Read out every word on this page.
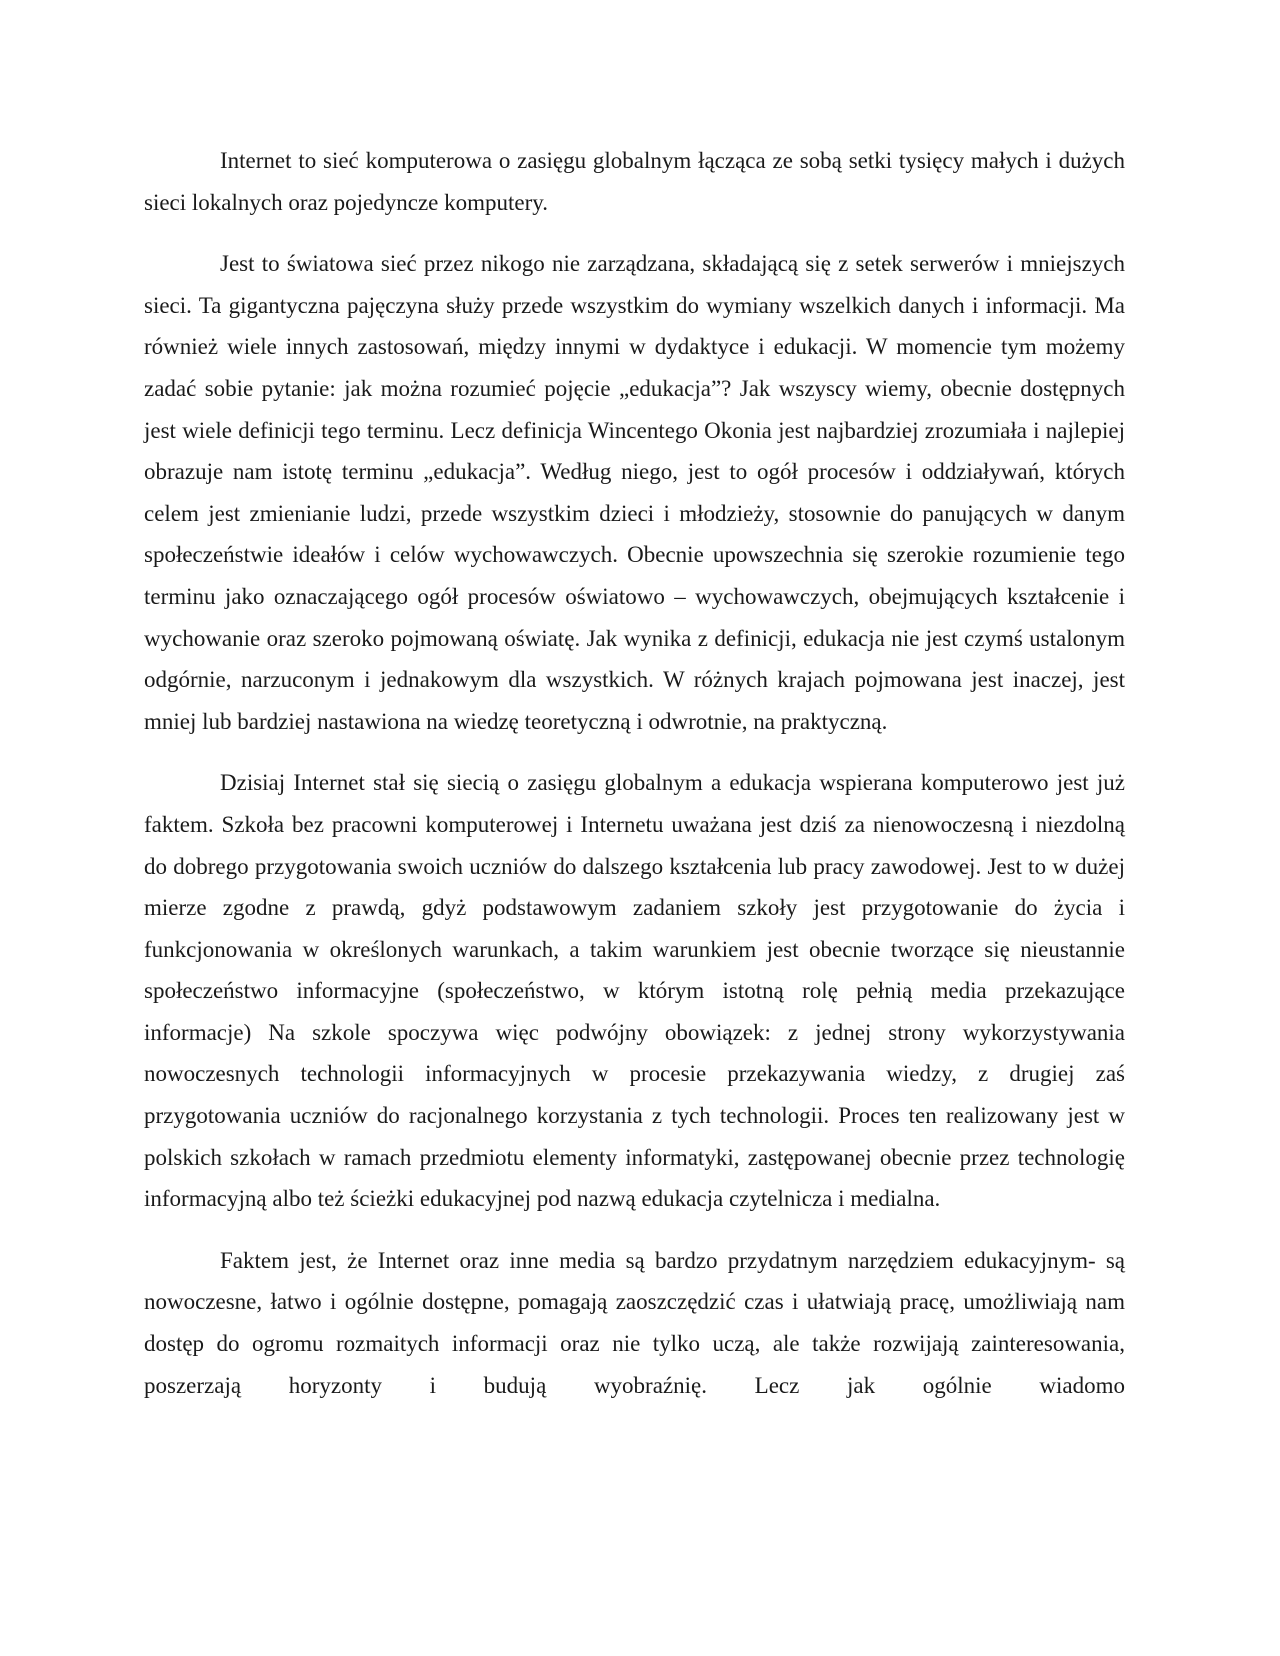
Internet to sieć komputerowa o zasięgu globalnym łącząca ze sobą setki tysięcy małych i dużych sieci lokalnych oraz pojedyncze komputery.

Jest to światowa sieć przez nikogo nie zarządzana, składającą się z setek serwerów i mniejszych sieci. Ta gigantyczna pajęczyna służy przede wszystkim do wymiany wszelkich danych i informacji. Ma również wiele innych zastosowań, między innymi w dydaktyce i edukacji. W momencie tym możemy zadać sobie pytanie: jak można rozumieć pojęcie „edukacja”? Jak wszyscy wiemy, obecnie dostępnych jest wiele definicji tego terminu. Lecz definicja Wincentego Okonia jest najbardziej zrozumiała i najlepiej obrazuje nam istotę terminu „edukacja”. Według niego, jest to ogół procesów i oddziaływań, których celem jest zmienianie ludzi, przede wszystkim dzieci i młodzieży, stosownie do panujących w danym społeczeństwie ideałów i celów wychowawczych. Obecnie upowszechnia się szerokie rozumienie tego terminu jako oznaczającego ogół procesów oświatowo – wychowawczych, obejmujących kształcenie i wychowanie oraz szeroko pojmowaną oświatę. Jak wynika z definicji, edukacja nie jest czymś ustalonym odgórnie, narzuconym i jednakowym dla wszystkich. W różnych krajach pojmowana jest inaczej, jest mniej lub bardziej nastawiona na wiedzę teoretyczną i odwrotnie, na praktyczną.

Dzisiaj Internet stał się siecią o zasięgu globalnym a edukacja wspierana komputerowo jest już faktem. Szkoła bez pracowni komputerowej i Internetu uważana jest dziś za nienowoczesną i niezdolną do dobrego przygotowania swoich uczniów do dalszego kształcenia lub pracy zawodowej. Jest to w dużej mierze zgodne z prawdą, gdyż podstawowym zadaniem szkoły jest przygotowanie do życia i funkcjonowania w określonych warunkach, a takim warunkiem jest obecnie tworzące się nieustannie społeczeństwo informacyjne (społeczeństwo, w którym istotną rolę pełnią media przekazujące informacje) Na szkole spoczywa więc podwójny obowiązek: z jednej strony wykorzystywania nowoczesnych technologii informacyjnych w procesie przekazywania wiedzy, z drugiej zaś przygotowania uczniów do racjonalnego korzystania z tych technologii. Proces ten realizowany jest w polskich szkołach w ramach przedmiotu elementy informatyki, zastępowanej obecnie przez technologię informacyjną albo też ścieżki edukacyjnej pod nazwą edukacja czytelnicza i medialna.

Faktem jest, że Internet oraz inne media są bardzo przydatnym narzędziem edukacyjnym- są nowoczesne, łatwo i ogólnie dostępne, pomagają zaoszczędzić czas i ułatwiają pracę, umożliwiają nam dostęp do ogromu rozmaitych informacji oraz nie tylko uczą, ale także rozwijają zainteresowania, poszerzają horyzonty i budują wyobraźnię. Lecz jak ogólnie wiadomo
